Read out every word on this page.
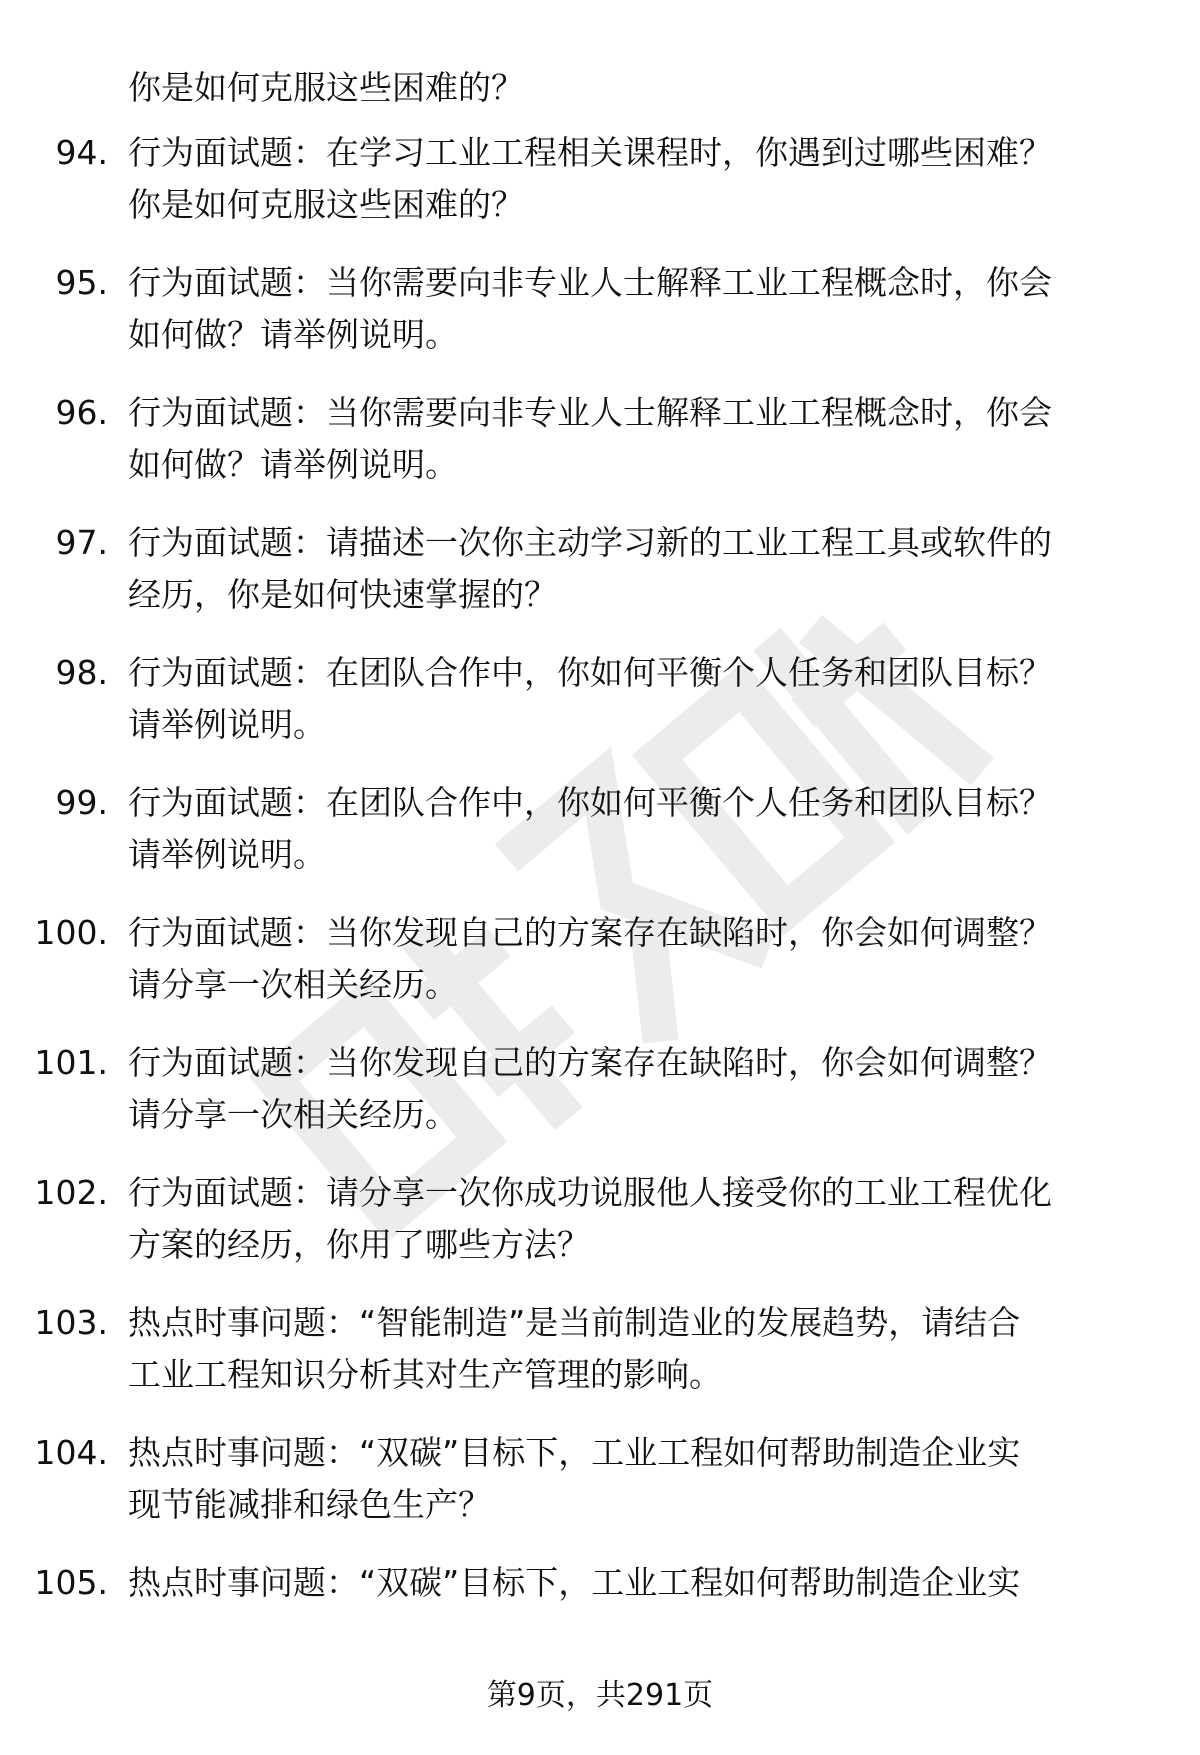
你是如何克服这些困难的？
94. 行为面试题：在学习工业工程相关课程时，你遇到过哪些困难？
你是如何克服这些困难的？
95. 行为面试题：当你需要向非专业人士解释工业工程概念时，你会
如何做？请举例说明。
96. 行为面试题：当你需要向非专业人士解释工业工程概念时，你会
如何做？请举例说明。
97. 行为面试题：请描述一次你主动学习新的工业工程工具或软件的
经历，你是如何快速掌握的？
98. 行为面试题：在团队合作中，你如何平衡个人任务和团队目标？
请举例说明。
99. 行为面试题：在团队合作中，你如何平衡个人任务和团队目标？
请举例说明。
100. 行为面试题：当你发现自己的方案存在缺陷时，你会如何调整？
请分享一次相关经历。
101. 行为面试题：当你发现自己的方案存在缺陷时，你会如何调整？
请分享一次相关经历。
102. 行为面试题：请分享一次你成功说服他人接受你的工业工程优化
方案的经历，你用了哪些方法？
103. 热点时事问题：“智能制造”是当前制造业的发展趋势，请结合
工业工程知识分析其对生产管理的影响。
104. 热点时事问题：“双碳”目标下，工业工程如何帮助制造企业实
现节能减排和绿色生产？
105. 热点时事问题：“双碳”目标下，工业工程如何帮助制造企业实
第9页，共291页
